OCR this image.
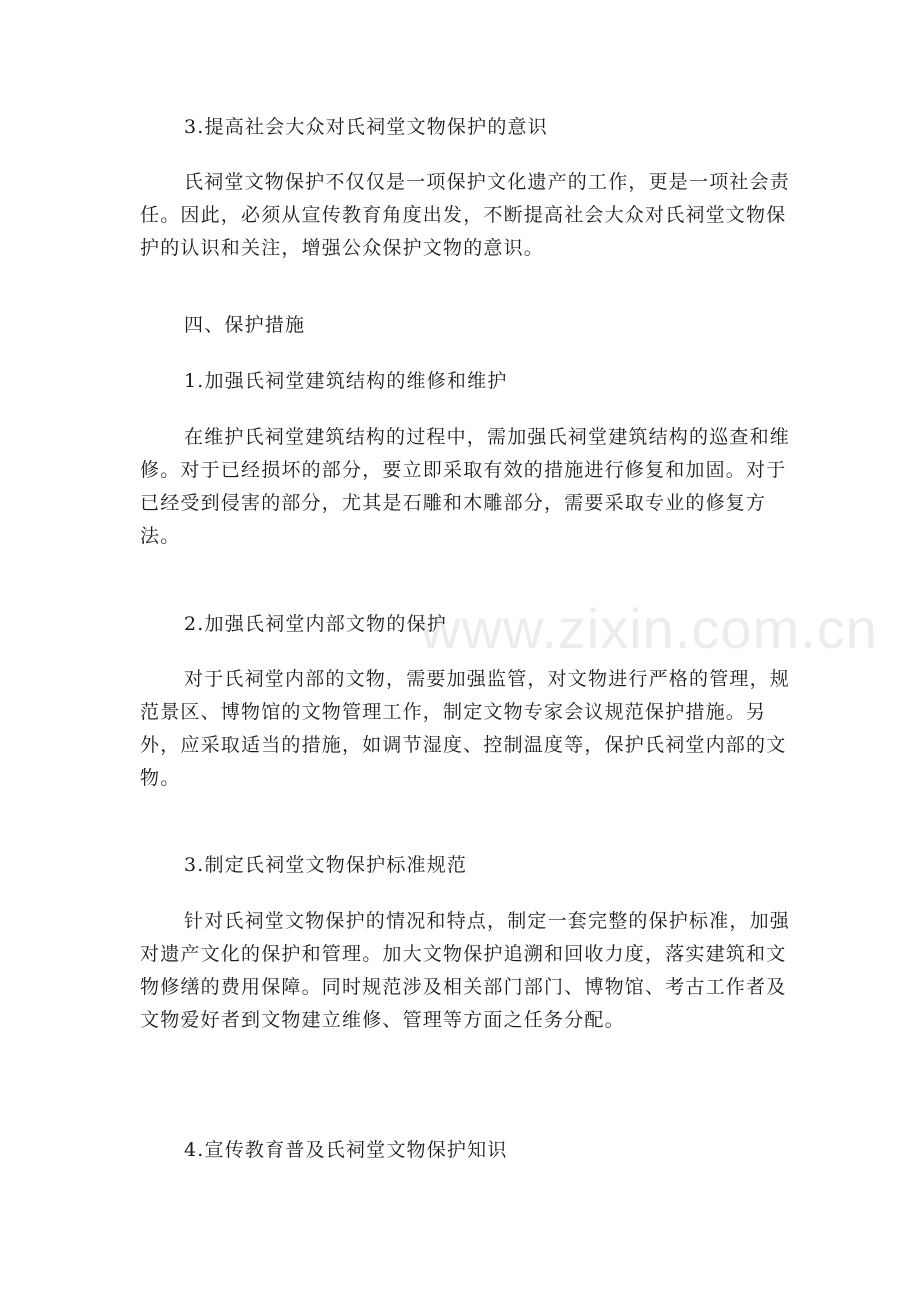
3.提高社会大众对氏祠堂文物保护的意识

氏祠堂文物保护不仅仅是一项保护文化遗产的工作，更是一项社会责任。因此，必须从宣传教育角度出发，不断提高社会大众对氏祠堂文物保护的认识和关注，增强公众保护文物的意识。

四、保护措施

1.加强氏祠堂建筑结构的维修和维护

在维护氏祠堂建筑结构的过程中，需加强氏祠堂建筑结构的巡查和维修。对于已经损坏的部分，要立即采取有效的措施进行修复和加固。对于已经受到侵害的部分，尤其是石雕和木雕部分，需要采取专业的修复方法。

2.加强氏祠堂内部文物的保护

对于氏祠堂内部的文物，需要加强监管，对文物进行严格的管理，规范景区、博物馆的文物管理工作，制定文物专家会议规范保护措施。另外，应采取适当的措施，如调节湿度、控制温度等，保护氏祠堂内部的文物。

3.制定氏祠堂文物保护标准规范

针对氏祠堂文物保护的情况和特点，制定一套完整的保护标准，加强对遗产文化的保护和管理。加大文物保护追溯和回收力度，落实建筑和文物修缮的费用保障。同时规范涉及相关部门部门、博物馆、考古工作者及文物爱好者到文物建立维修、管理等方面之任务分配。

4.宣传教育普及氏祠堂文物保护知识

www.zixin.com.cn
